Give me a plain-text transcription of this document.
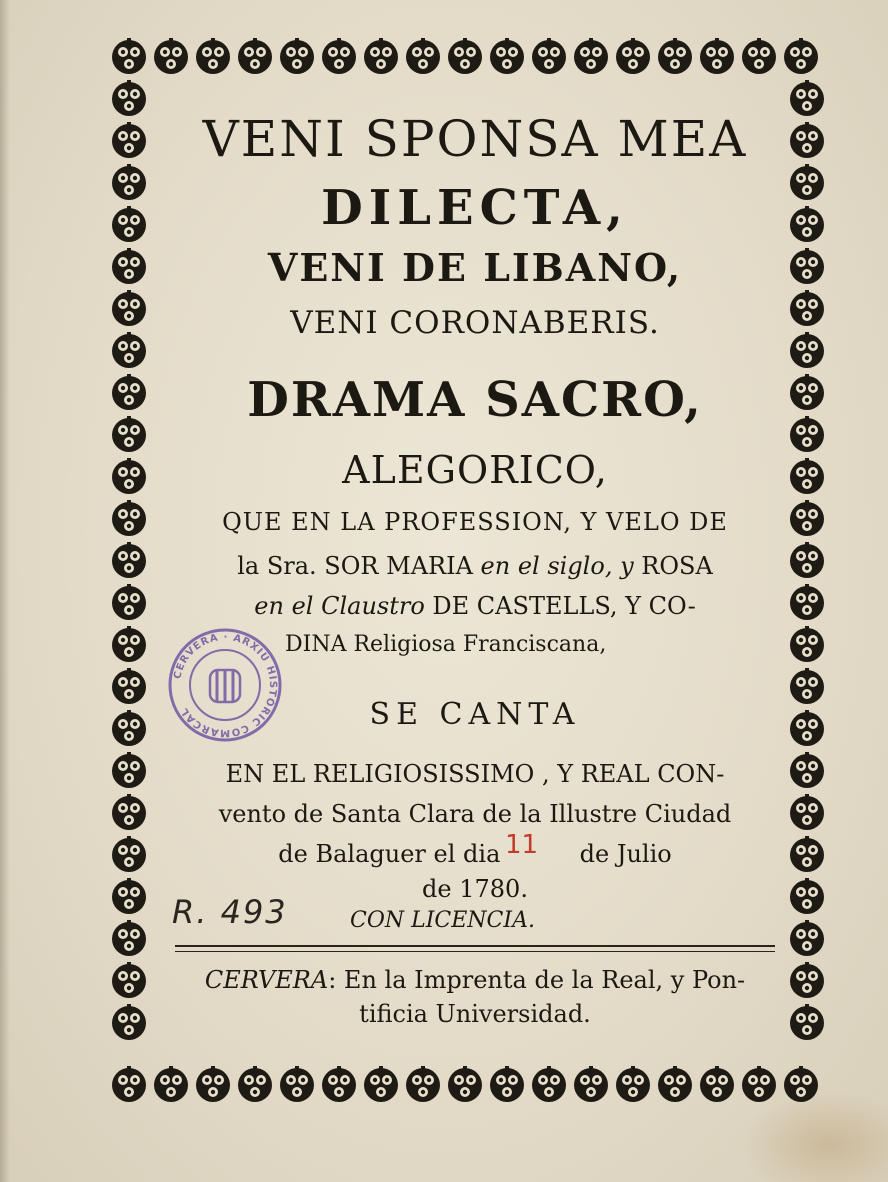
VENI SPONSA MEA
DILECTA,
VENI DE LIBANO,
VENI CORONABERIS.
DRAMA SACRO,
ALEGORICO,
QUE EN LA PROFESSION, Y VELO DE
la Sra. SOR MARIA en el siglo, y ROSA
en el Claustro DE CASTELLS, Y CO-
DINA Religiosa Franciscana,
SE CANTA
EN EL RELIGIOSISSIMO , Y REAL CON-
vento de Santa Clara de la Illustre Ciudad
de Balaguer el dia	de Julio
de 1780.
CON LICENCIA.
CERVERA: En la Imprenta de la Real, y Pon-
tificia Universidad.
R. 493
11
CERVERA · ARXIU HISTÒRIC COMARCAL
